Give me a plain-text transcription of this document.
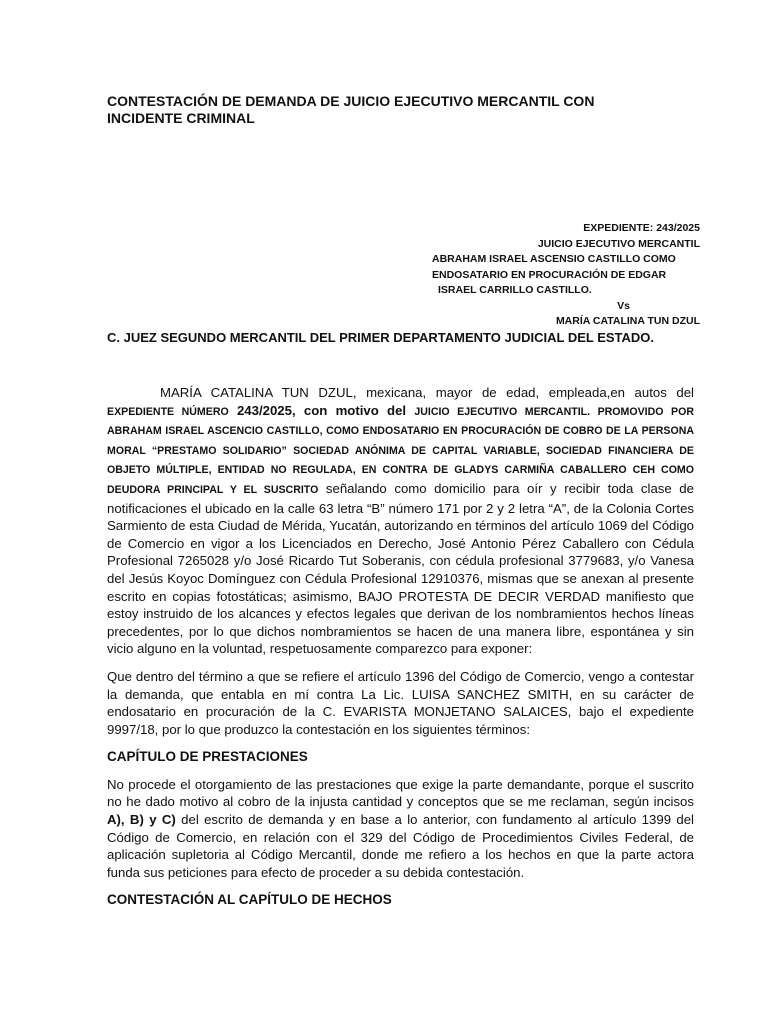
CONTESTACIÓN DE DEMANDA DE JUICIO EJECUTIVO MERCANTIL CON
INCIDENTE CRIMINAL
EXPEDIENTE: 243/2025
JUICIO EJECUTIVO MERCANTIL
ABRAHAM ISRAEL ASCENSIO CASTILLO COMO
ENDOSATARIO EN PROCURACIÓN DE EDGAR
ISRAEL CARRILLO CASTILLO.
Vs
MARÍA CATALINA TUN DZUL
C. JUEZ SEGUNDO MERCANTIL DEL PRIMER DEPARTAMENTO JUDICIAL DEL ESTADO.

MARÍA CATALINA TUN DZUL, mexicana, mayor de edad, empleada,en autos del EXPEDIENTE NÚMERO 243/2025, con motivo del JUICIO EJECUTIVO MERCANTIL. PROMOVIDO POR ABRAHAM ISRAEL ASCENCIO CASTILLO, COMO ENDOSATARIO EN PROCURACIÓN DE COBRO DE LA PERSONA MORAL “PRESTAMO SOLIDARIO” SOCIEDAD ANÓNIMA DE CAPITAL VARIABLE, SOCIEDAD FINANCIERA DE OBJETO MÚLTIPLE, ENTIDAD NO REGULADA, EN CONTRA DE GLADYS CARMIÑA CABALLERO CEH COMO DEUDORA PRINCIPAL Y EL SUSCRITO señalando como domicilio para oír y recibir toda clase de notificaciones el ubicado en la calle 63 letra “B” número 171 por 2 y 2 letra “A”, de la Colonia Cortes Sarmiento de esta Ciudad de Mérida, Yucatán, autorizando en términos del artículo 1069 del Código de Comercio en vigor a los Licenciados en Derecho, José Antonio Pérez Caballero con Cédula Profesional 7265028 y/o José Ricardo Tut Soberanis, con cédula profesional 3779683, y/o Vanesa del Jesús Koyoc Domínguez con Cédula Profesional 12910376, mismas que se anexan al presente escrito en copias fotostáticas; asimismo, BAJO PROTESTA DE DECIR VERDAD manifiesto que estoy instruido de los alcances y efectos legales que derivan de los nombramientos hechos líneas precedentes, por lo que dichos nombramientos se hacen de una manera libre, espontánea y sin vicio alguno en la voluntad, respetuosamente comparezco para exponer:

Que dentro del término a que se refiere el artículo 1396 del Código de Comercio, vengo a contestar la demanda, que entabla en mí contra La Lic. LUISA SANCHEZ SMITH, en su carácter de endosatario en procuración de la C. EVARISTA MONJETANO SALAICES, bajo el expediente 9997/18, por lo que produzco la contestación en los siguientes términos:

CAPÍTULO DE PRESTACIONES

No procede el otorgamiento de las prestaciones que exige la parte demandante, porque el suscrito no he dado motivo al cobro de la injusta cantidad y conceptos que se me reclaman, según incisos A), B) y C) del escrito de demanda y en base a lo anterior, con fundamento al artículo 1399 del Código de Comercio, en relación con el 329 del Código de Procedimientos Civiles Federal, de aplicación supletoria al Código Mercantil, donde me refiero a los hechos en que la parte actora funda sus peticiones para efecto de proceder a su debida contestación.

CONTESTACIÓN AL CAPÍTULO DE HECHOS
